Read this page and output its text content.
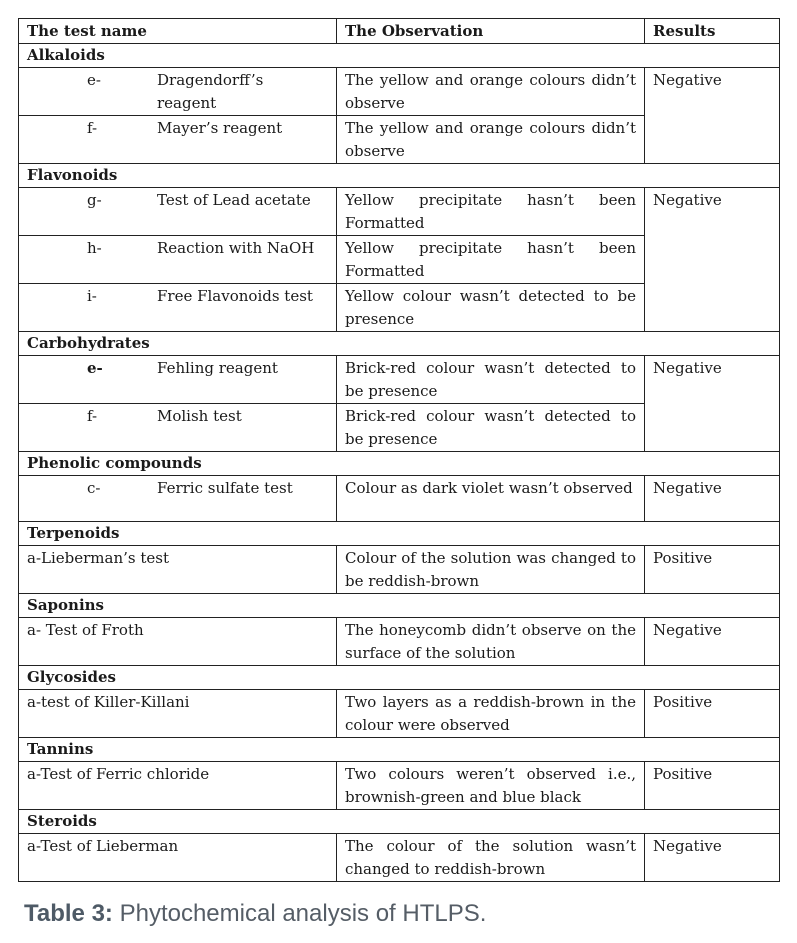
The test name	The Observation	Results
Alkaloids		

e- Dragendorff’s reagent	The yellow and orange colours didn’t observe	Negative

f- Mayer’s reagent	The yellow and orange colours didn’t observe	
Flavonoids		

g- Test of Lead acetate	Yellow precipitate hasn’t been Formatted	Negative

h- Reaction with NaOH	Yellow precipitate hasn’t been Formatted	

i- Free Flavonoids test	Yellow colour wasn’t detected to be presence	
Carbohydrates		

e- Fehling reagent	Brick-red colour wasn’t detected to be presence	Negative

f- Molish test	Brick-red colour wasn’t detected to be presence	
Phenolic compounds		

c- Ferric sulfate test	Colour as dark violet wasn’t observed	Negative
Terpenoids		
a-Lieberman’s test	Colour of the solution was changed to be reddish-brown	Positive
Saponins		
a- Test of Froth	The honeycomb didn’t observe on the surface of the solution	Negative
Glycosides		
a-test of Killer-Killani	Two layers as a reddish-brown in the colour were observed	Positive
Tannins		
a-Test of Ferric chloride	Two colours weren’t observed i.e., brownish-green and blue black	Positive
Steroids		
a-Test of Lieberman	The colour of the solution wasn’t changed to reddish-brown	Negative
Table 3: Phytochemical analysis of HTLPS.
